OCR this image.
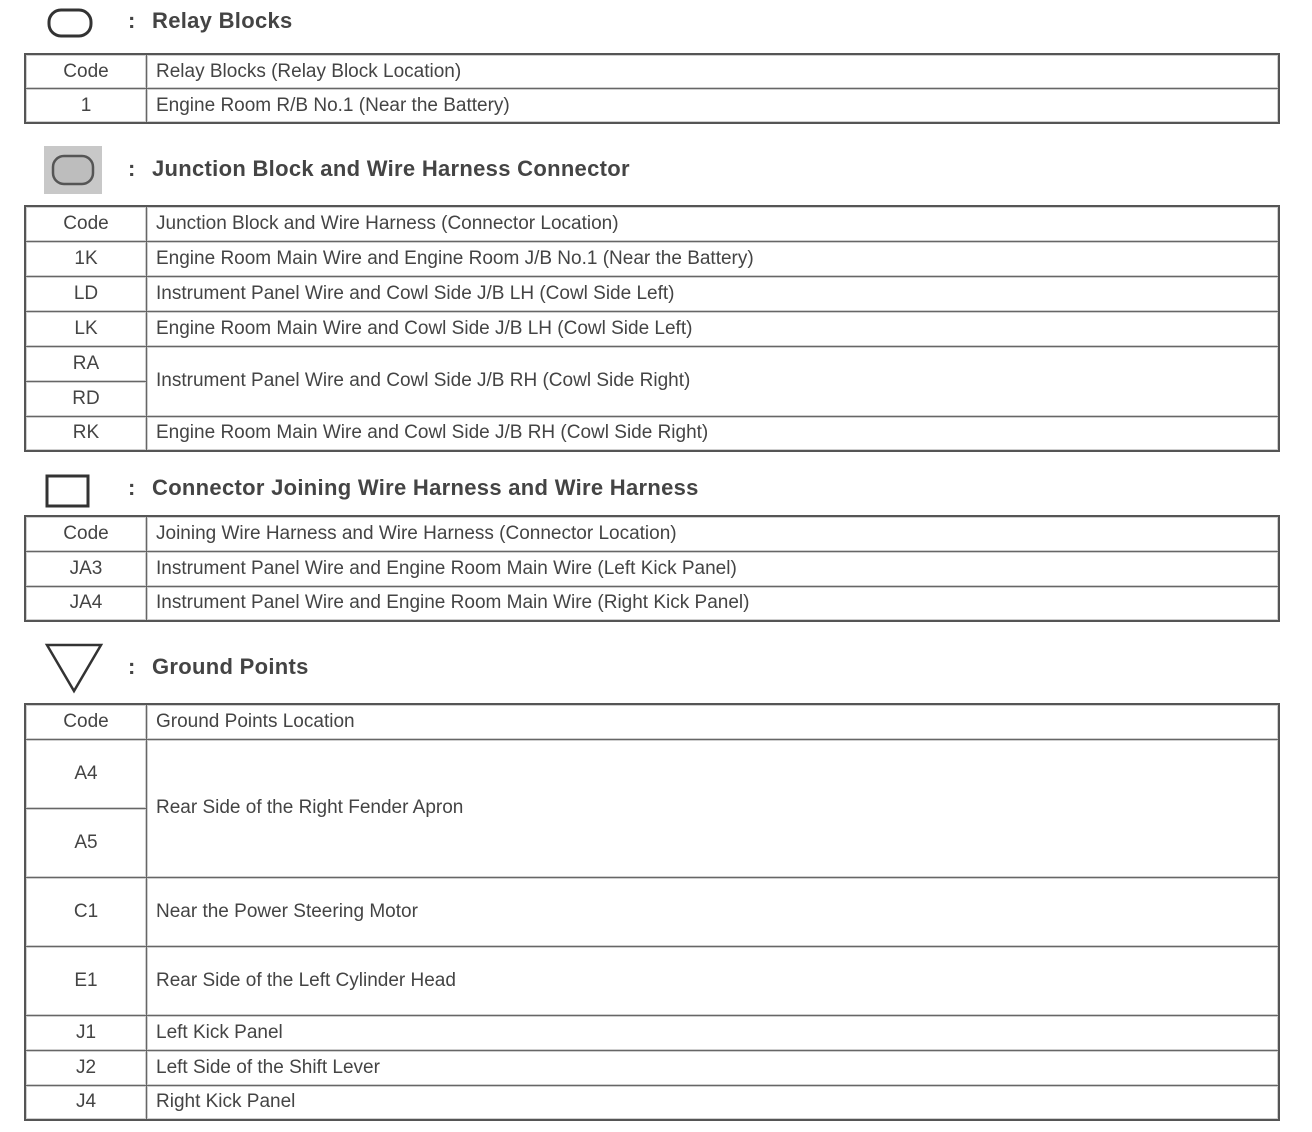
: Relay Blocks
Code	Relay Blocks (Relay Block Location)
1	Engine Room R/B No.1 (Near the Battery)
: Junction Block and Wire Harness Connector
Code	Junction Block and Wire Harness (Connector Location)
1K	Engine Room Main Wire and Engine Room J/B No.1 (Near the Battery)
LD	Instrument Panel Wire and Cowl Side J/B LH (Cowl Side Left)
LK	Engine Room Main Wire and Cowl Side J/B LH (Cowl Side Left)
RA	Instrument Panel Wire and Cowl Side J/B RH (Cowl Side Right)
RD	
RK	Engine Room Main Wire and Cowl Side J/B RH (Cowl Side Right)
: Connector Joining Wire Harness and Wire Harness
Code	Joining Wire Harness and Wire Harness (Connector Location)
JA3	Instrument Panel Wire and Engine Room Main Wire (Left Kick Panel)
JA4	Instrument Panel Wire and Engine Room Main Wire (Right Kick Panel)
: Ground Points
Code	Ground Points Location
A4	Rear Side of the Right Fender Apron
A5	
C1	Near the Power Steering Motor
E1	Rear Side of the Left Cylinder Head
J1	Left Kick Panel
J2	Left Side of the Shift Lever
J4	Right Kick Panel
